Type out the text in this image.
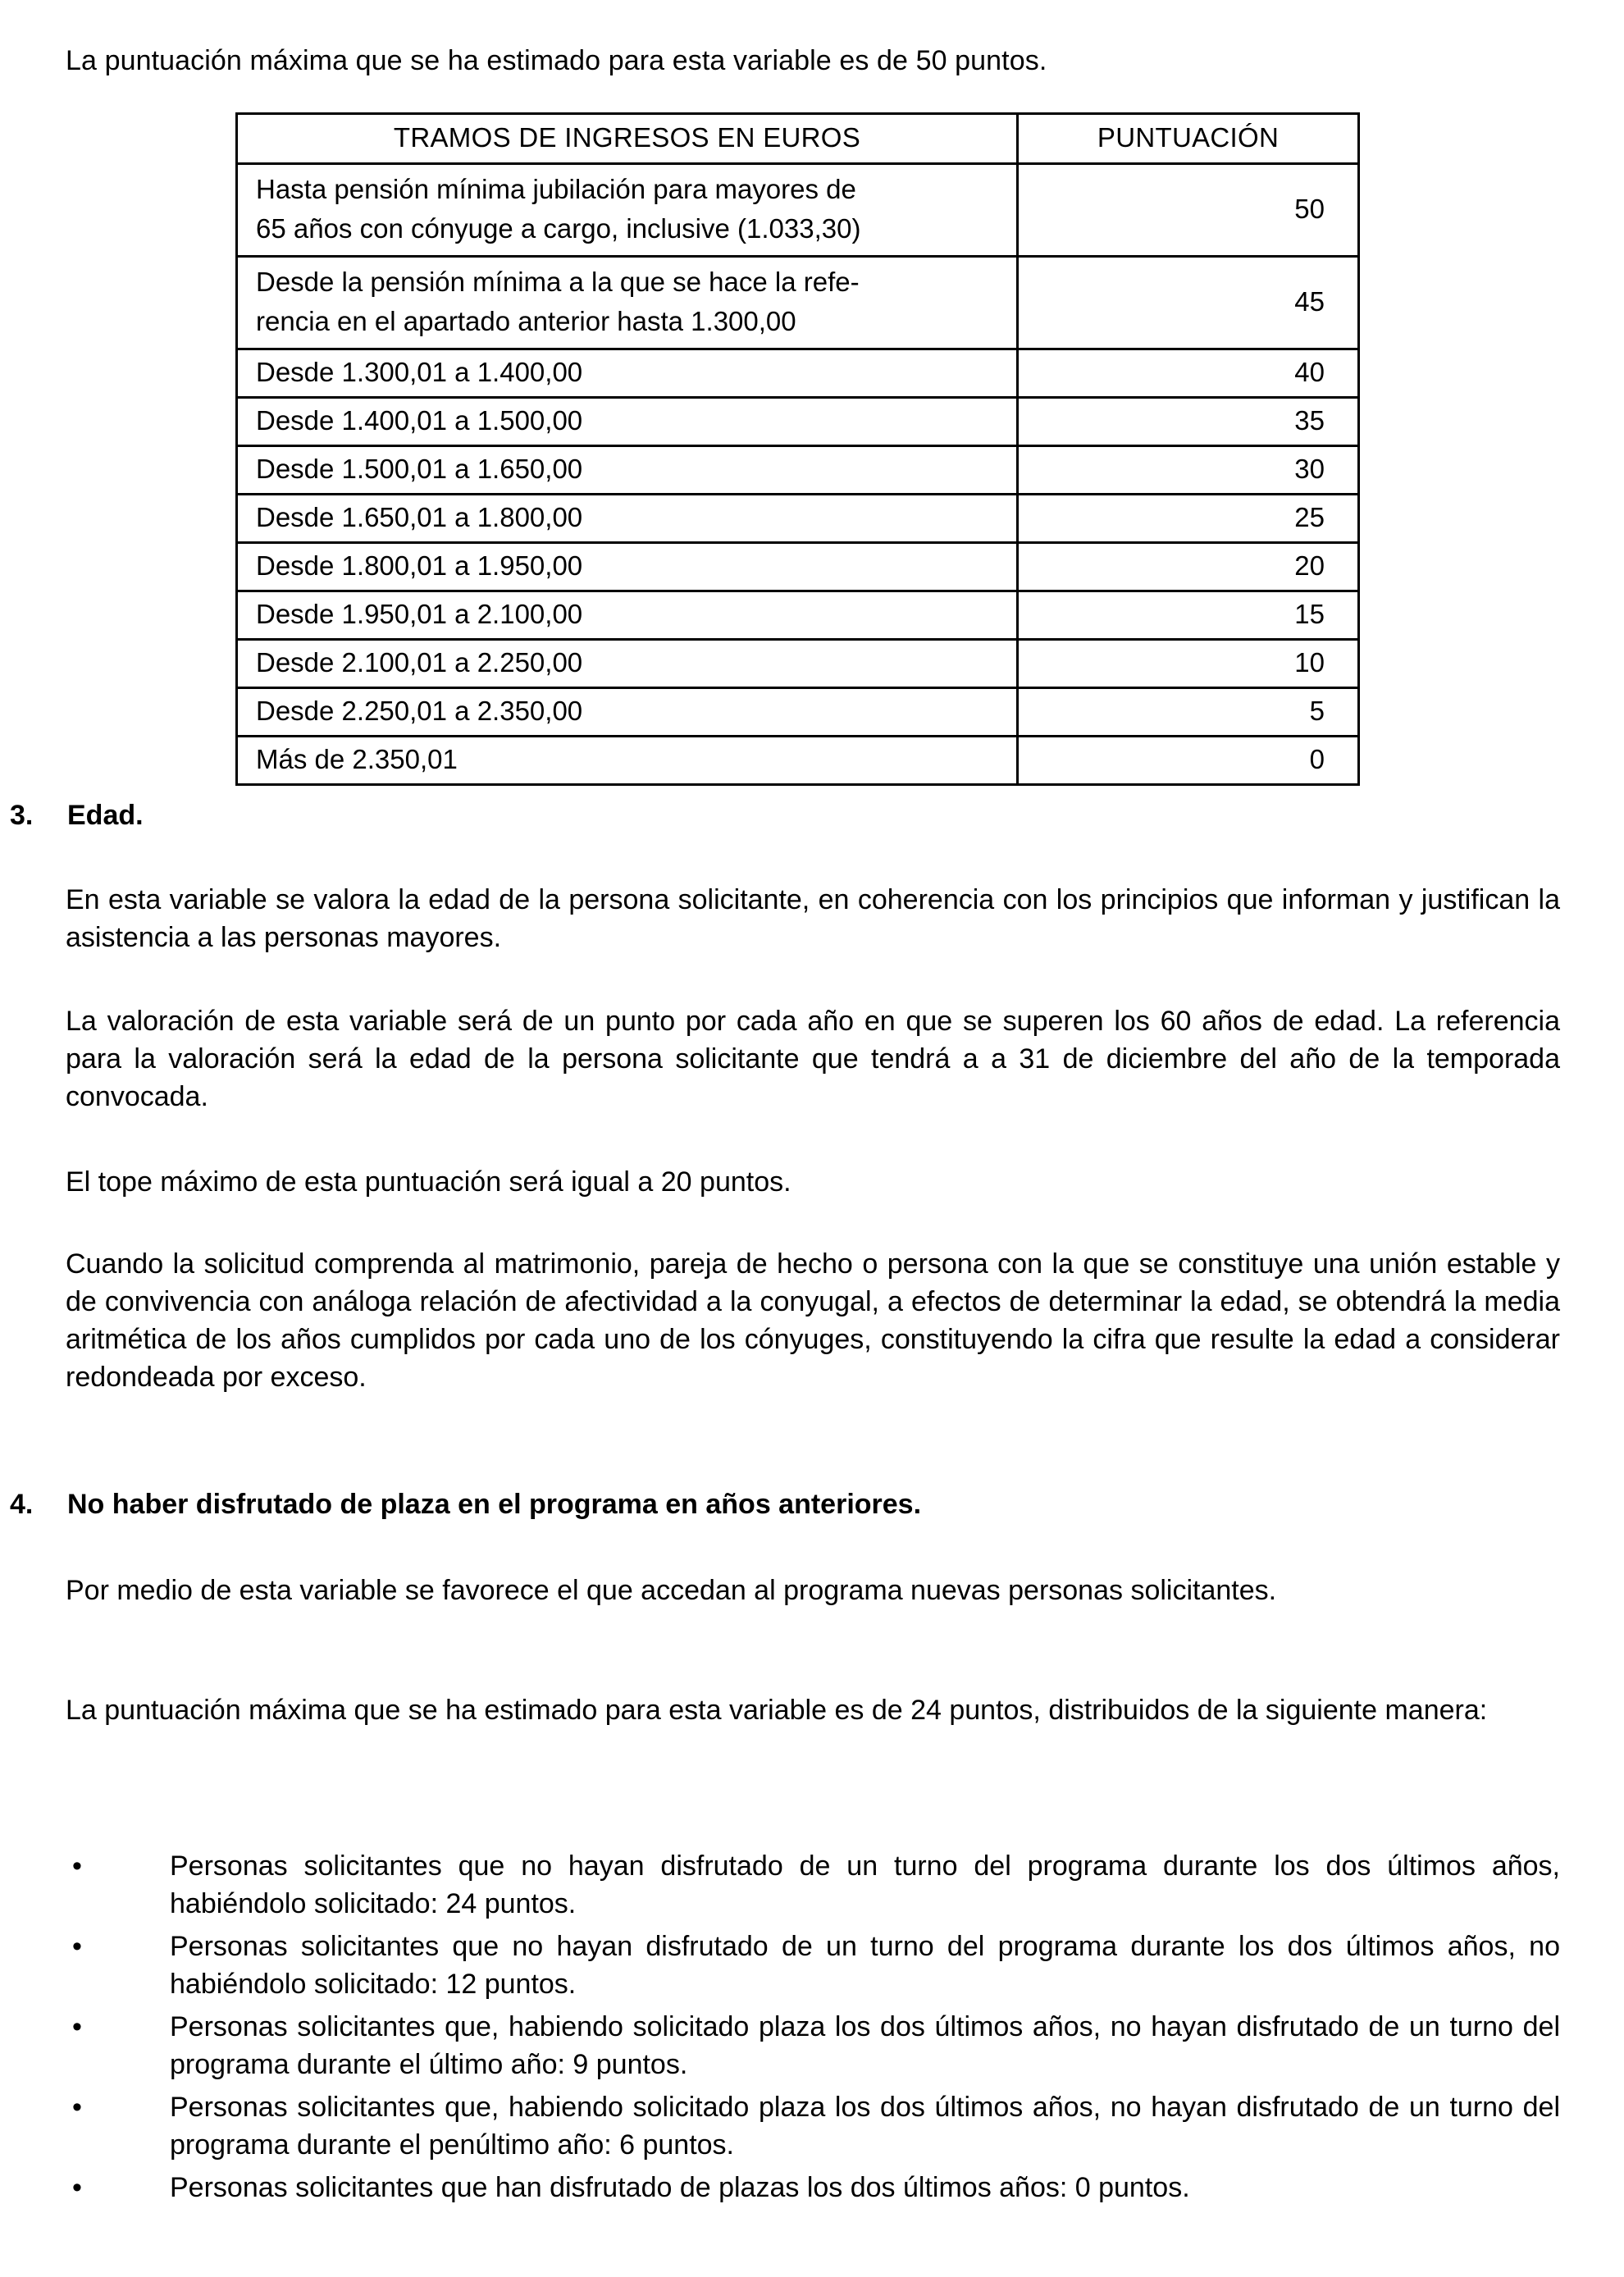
La puntuación máxima que se ha estimado para esta variable es de 50 puntos.

TRAMOS DE INGRESOS EN EUROS	PUNTUACIÓN

Hasta pensión mínima jubilación para mayores de
65 años con cónyuge a cargo, inclusive (1.033,30)	50

Desde la pensión mínima a la que se hace la refe-
rencia en el apartado anterior hasta 1.300,00	45
Desde 1.300,01 a 1.400,00	40
Desde 1.400,01 a 1.500,00	35
Desde 1.500,01 a 1.650,00	30
Desde 1.650,01 a 1.800,00	25
Desde 1.800,01 a 1.950,00	20
Desde 1.950,01 a 2.100,00	15
Desde 2.100,01 a 2.250,00	10
Desde 2.250,01 a 2.350,00	5
Más de 2.350,01	0
3. Edad.
En esta variable se valora la edad de la persona solicitante, en coherencia con los principios que informan y justifican la asistencia a las personas mayores.
La valoración de esta variable será de un punto por cada año en que se superen los 60 años de edad. La referencia para la valoración será la edad de la persona solicitante que tendrá a a 31 de diciembre del año de la temporada convocada.
El tope máximo de esta puntuación será igual a 20 puntos.
Cuando la solicitud comprenda al matrimonio, pareja de hecho o persona con la que se constituye una unión estable y de convivencia con análoga relación de afectividad a la conyugal, a efectos de determinar la edad, se obtendrá la media aritmética de los años cumplidos por cada uno de los cónyuges, constituyendo la cifra que resulte la edad a considerar redondeada por exceso.
4. No haber disfrutado de plaza en el programa en años anteriores.
Por medio de esta variable se favorece el que accedan al programa nuevas personas solicitantes.
La puntuación máxima que se ha estimado para esta variable es de 24 puntos, distribuidos de la siguiente manera:
•	Personas solicitantes que no hayan disfrutado de un turno del programa durante los dos últimos años, habiéndolo solicitado: 24 puntos.
•	Personas solicitantes que no hayan disfrutado de un turno del programa durante los dos últimos años, no habiéndolo solicitado: 12 puntos.
•	Personas solicitantes que, habiendo solicitado plaza los dos últimos años, no hayan disfrutado de un turno del programa durante el último año: 9 puntos.
•	Personas solicitantes que, habiendo solicitado plaza los dos últimos años, no hayan disfrutado de un turno del programa durante el penúltimo año: 6 puntos.
•	Personas solicitantes que han disfrutado de plazas los dos últimos años: 0 puntos.
